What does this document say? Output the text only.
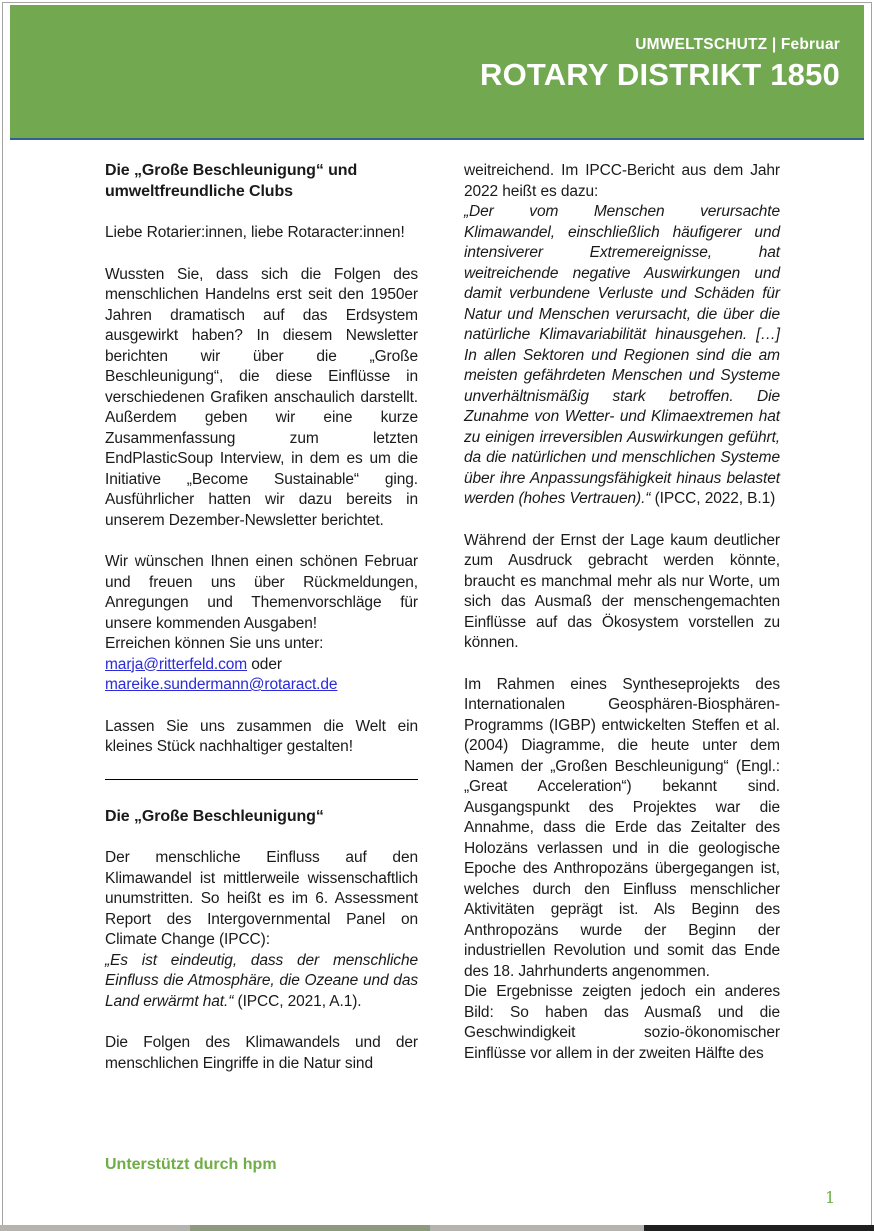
UMWELTSCHUTZ | Februar
ROTARY DISTRIKT 1850
Die „Große Beschleunigung“ und umweltfreundliche Clubs

Liebe Rotarier:innen, liebe Rotaracter:innen!

Wussten Sie, dass sich die Folgen des menschlichen Handelns erst seit den 1950er Jahren dramatisch auf das Erdsystem ausgewirkt haben? In diesem Newsletter berichten wir über die „Große Beschleunigung“, die diese Einflüsse in verschiedenen Grafiken anschaulich darstellt. Außerdem geben wir eine kurze Zusammenfassung zum letzten EndPlasticSoup Interview, in dem es um die Initiative „Become Sustainable“ ging. Ausführlicher hatten wir dazu bereits in unserem Dezember-Newsletter berichtet.

Wir wünschen Ihnen einen schönen Februar und freuen uns über Rückmeldungen, Anregungen und Themenvorschläge für unsere kommenden Ausgaben!
Erreichen können Sie uns unter:
marja@ritterfeld.com oder
mareike.sundermann@rotaract.de

Lassen Sie uns zusammen die Welt ein kleines Stück nachhaltiger gestalten!

Die „Große Beschleunigung“

Der menschliche Einfluss auf den Klimawandel ist mittlerweile wissenschaftlich unumstritten. So heißt es im 6. Assessment Report des Intergovernmental Panel on Climate Change (IPCC):

„Es ist eindeutig, dass der menschliche Einfluss die Atmosphäre, die Ozeane und das Land erwärmt hat.“ (IPCC, 2021, A.1).

Die Folgen des Klimawandels und der menschlichen Eingriffe in die Natur sind

weitreichend. Im IPCC-Bericht aus dem Jahr 2022 heißt es dazu:

„Der vom Menschen verursachte Klimawandel, einschließlich häufigerer und intensiverer Extremereignisse, hat weitreichende negative Auswirkungen und damit verbundene Verluste und Schäden für Natur und Menschen verursacht, die über die natürliche Klimavariabilität hinausgehen. […] In allen Sektoren und Regionen sind die am meisten gefährdeten Menschen und Systeme unverhältnismäßig stark betroffen. Die Zunahme von Wetter- und Klimaextremen hat zu einigen irreversiblen Auswirkungen geführt, da die natürlichen und menschlichen Systeme über ihre Anpassungsfähigkeit hinaus belastet werden (hohes Vertrauen).“ (IPCC, 2022, B.1)

Während der Ernst der Lage kaum deutlicher zum Ausdruck gebracht werden könnte, braucht es manchmal mehr als nur Worte, um sich das Ausmaß der menschengemachten Einflüsse auf das Ökosystem vorstellen zu können.

Im Rahmen eines Syntheseprojekts des Internationalen Geosphären-Biosphären-Programms (IGBP) entwickelten Steffen et al. (2004) Diagramme, die heute unter dem Namen der „Großen Beschleunigung“ (Engl.: „Great Acceleration“) bekannt sind. Ausgangspunkt des Projektes war die Annahme, dass die Erde das Zeitalter des Holozäns verlassen und in die geologische Epoche des Anthropozäns übergegangen ist, welches durch den Einfluss menschlicher Aktivitäten geprägt ist. Als Beginn des Anthropozäns wurde der Beginn der industriellen Revolution und somit das Ende des 18. Jahrhunderts angenommen.

Die Ergebnisse zeigten jedoch ein anderes Bild: So haben das Ausmaß und die Geschwindigkeit sozio-ökonomischer Einflüsse vor allem in der zweiten Hälfte des

Unterstützt durch hpm
1
